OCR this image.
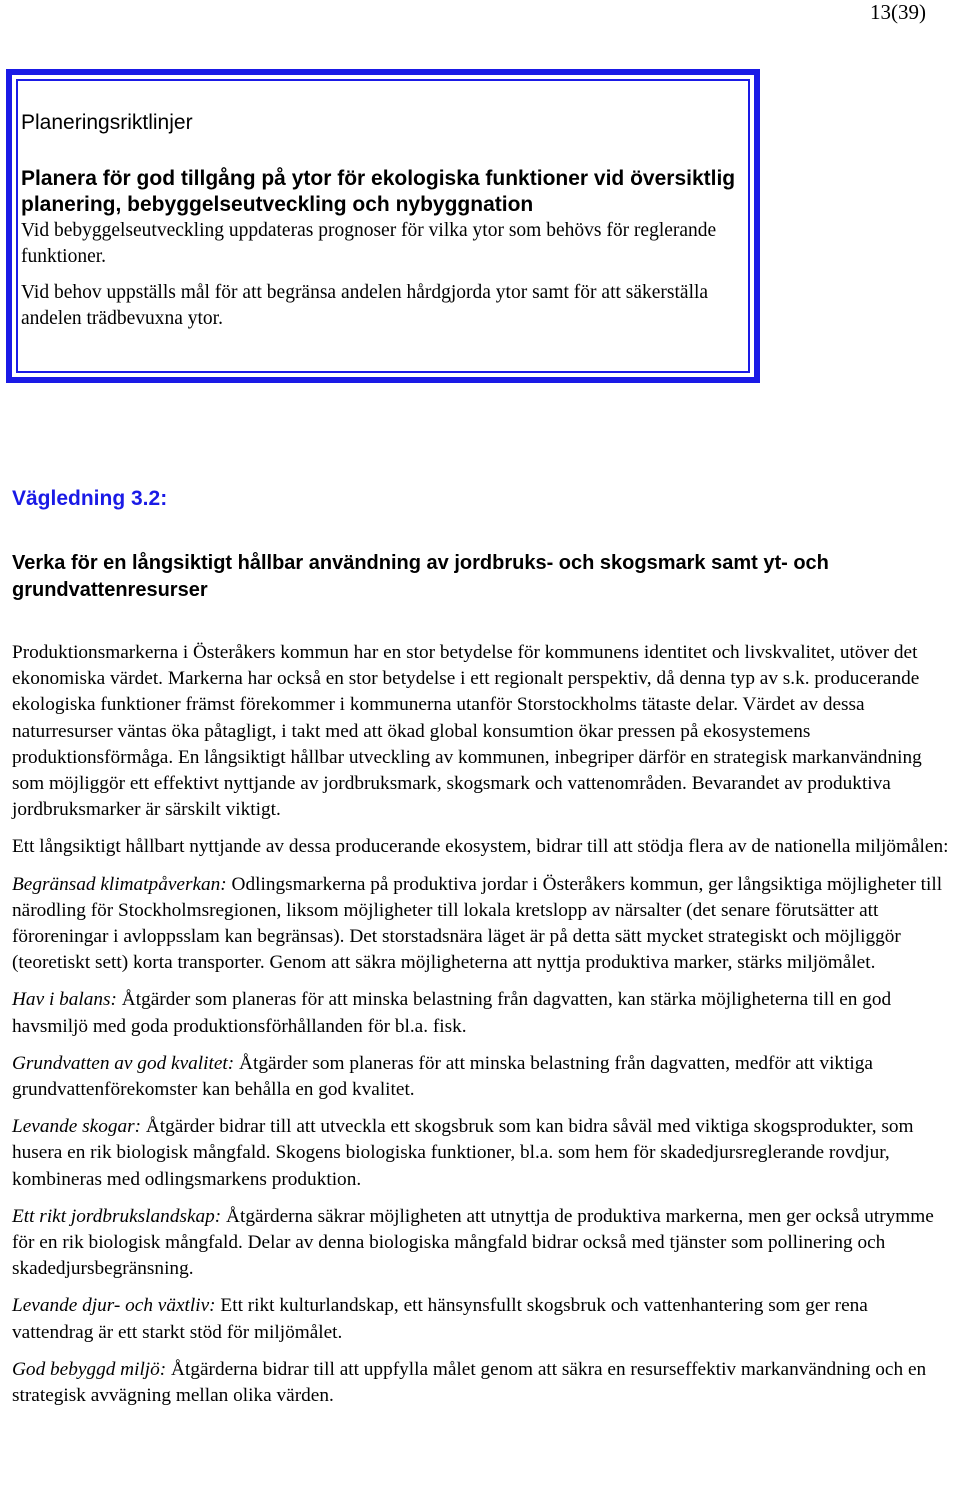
13(39)

Planeringsriktlinjer

Planera för god tillgång på ytor för ekologiska funktioner vid översiktlig planering, bebyggelseutveckling och nybyggnation

Vid bebyggelseutveckling uppdateras prognoser för vilka ytor som behövs för reglerande funktioner.

Vid behov uppställs mål för att begränsa andelen hårdgjorda ytor samt för att säkerställa andelen trädbevuxna ytor.

Vägledning 3.2:

Verka för en långsiktigt hållbar användning av jordbruks- och skogsmark samt yt- och grundvattenresurser

Produktionsmarkerna i Österåkers kommun har en stor betydelse för kommunens identitet och livskvalitet, utöver det ekonomiska värdet. Markerna har också en stor betydelse i ett regionalt perspektiv, då denna typ av s.k. producerande ekologiska funktioner främst förekommer i kommunerna utanför Storstockholms tätaste delar. Värdet av dessa naturresurser väntas öka påtagligt, i takt med att ökad global konsumtion ökar pressen på ekosystemens produktionsförmåga. En långsiktigt hållbar utveckling av kommunen, inbegriper därför en strategisk markanvändning som möjliggör ett effektivt nyttjande av jordbruksmark, skogsmark och vattenområden. Bevarandet av produktiva jordbruksmarker är särskilt viktigt.

Ett långsiktigt hållbart nyttjande av dessa producerande ekosystem, bidrar till att stödja flera av de nationella miljömålen:

Begränsad klimatpåverkan: Odlingsmarkerna på produktiva jordar i Österåkers kommun, ger långsiktiga möjligheter till närodling för Stockholmsregionen, liksom möjligheter till lokala kretslopp av närsalter (det senare förutsätter att föroreningar i avloppsslam kan begränsas). Det storstadsnära läget är på detta sätt mycket strategiskt och möjliggör (teoretiskt sett) korta transporter. Genom att säkra möjligheterna att nyttja produktiva marker, stärks miljömålet.

Hav i balans: Åtgärder som planeras för att minska belastning från dagvatten, kan stärka möjligheterna till en god havsmiljö med goda produktionsförhållanden för bl.a. fisk.

Grundvatten av god kvalitet: Åtgärder som planeras för att minska belastning från dagvatten, medför att viktiga grundvattenförekomster kan behålla en god kvalitet.

Levande skogar: Åtgärder bidrar till att utveckla ett skogsbruk som kan bidra såväl med viktiga skogsprodukter, som husera en rik biologisk mångfald. Skogens biologiska funktioner, bl.a. som hem för skadedjursreglerande rovdjur, kombineras med odlingsmarkens produktion.

Ett rikt jordbrukslandskap: Åtgärderna säkrar möjligheten att utnyttja de produktiva markerna, men ger också utrymme för en rik biologisk mångfald. Delar av denna biologiska mångfald bidrar också med tjänster som pollinering och skadedjursbegränsning.

Levande djur- och växtliv: Ett rikt kulturlandskap, ett hänsynsfullt skogsbruk och vattenhantering som ger rena vattendrag är ett starkt stöd för miljömålet.

God bebyggd miljö: Åtgärderna bidrar till att uppfylla målet genom att säkra en resurseffektiv markanvändning och en strategisk avvägning mellan olika värden.
